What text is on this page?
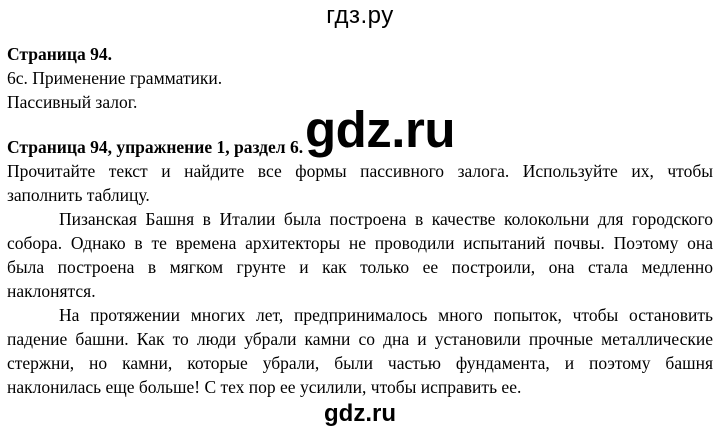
гдз.ру
Страница 94.
6с. Применение грамматики.
Пассивный залог.
Страница 94, упражнение 1, раздел 6.
Прочитайте текст и найдите все формы пассивного залога. Используйте их, чтобы
заполнить таблицу.
Пизанская Башня в Италии была построена в качестве колокольни для городского
собора. Однако в те времена архитекторы не проводили испытаний почвы. Поэтому она
была построена в мягком грунте и как только ее построили, она стала медленно
наклонятся.
На протяжении многих лет, предпринималось много попыток, чтобы остановить
падение башни. Как то люди убрали камни со дна и установили прочные металлические
стержни, но камни, которые убрали, были частью фундамента, и поэтому башня
наклонилась еще больше! С тех пор ее усилили, чтобы исправить ее.
gdz.ru
gdz.ru
